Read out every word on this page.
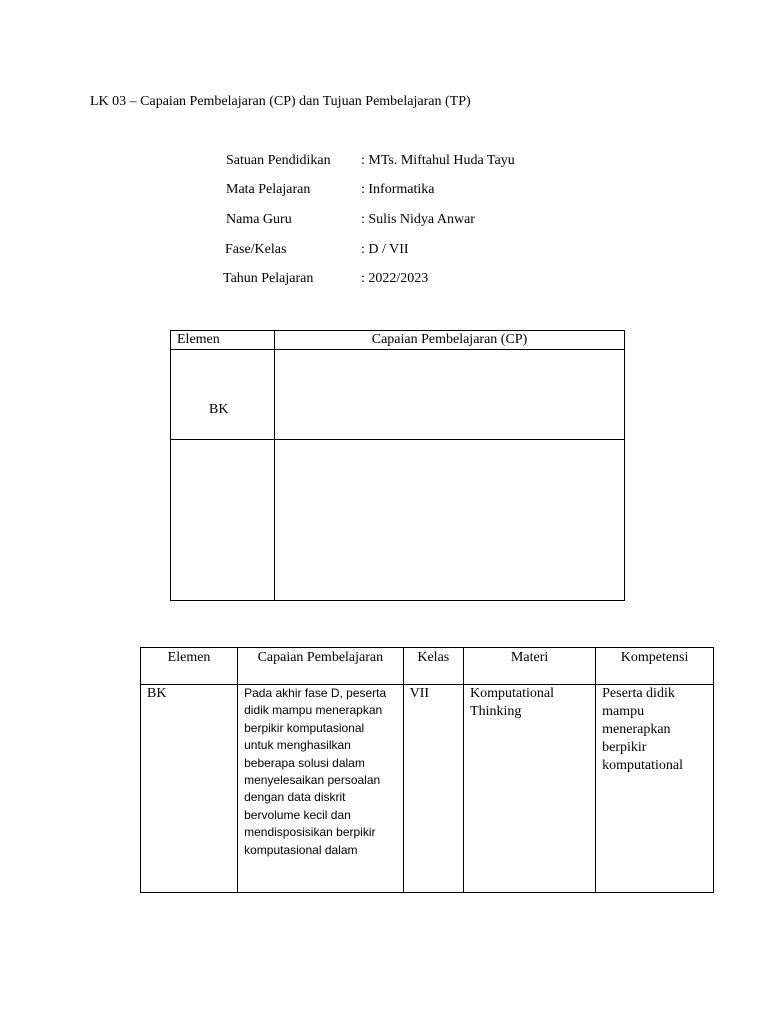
LK 03 – Capaian Pembelajaran (CP) dan Tujuan Pembelajaran (TP)
Satuan Pendidikan : MTs. Miftahul Huda Tayu
Mata Pelajaran	: Informatika
Nama Guru	: Sulis Nidya Anwar
Fase/Kelas	: D / VII
Tahun Pelajaran	: 2022/2023
Elemen	Capaian Pembelajaran (CP)

BK	

Elemen	Capaian Pembelajaran	Kelas	Materi	Kompetensi
BK	Pada akhir fase D, peserta didik mampu menerapkan berpikir komputasional untuk menghasilkan beberapa solusi dalam menyelesaikan persoalan dengan data diskrit bervolume kecil dan mendisposisikan berpikir komputasional dalam	VII	Komputational Thinking	Peserta didik mampu menerapkan berpikir komputational
